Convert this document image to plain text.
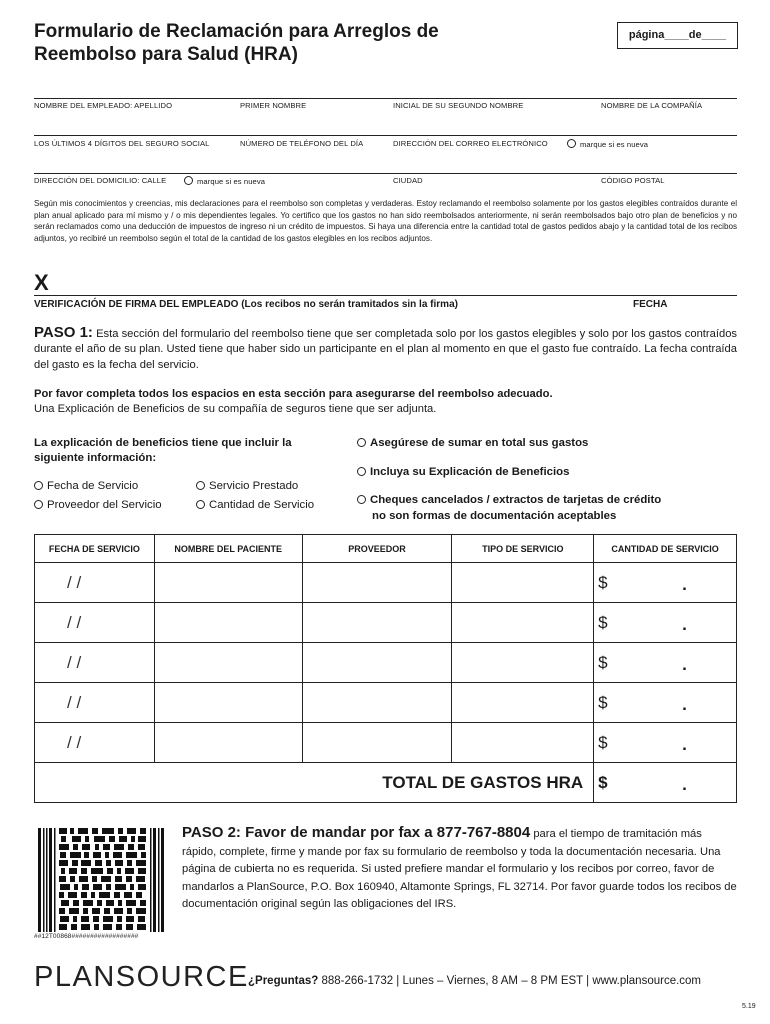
Formulario de Reclamación para Arreglos de
Reembolso para Salud (HRA)
página____de____
NOMBRE DEL EMPLEADO: APELLIDO	PRIMER NOMBRE	INICIAL DE SU SEGUNDO NOMBRE	NOMBRE DE LA COMPAÑÍA
LOS ÚLTIMOS 4 DÍGITOS DEL SEGURO SOCIAL	NÚMERO DE TELÉFONO DEL DÍA	DIRECCIÓN DEL CORREO ELECTRÓNICO	marque si es nueva
DIRECCIÓN DEL DOMICILIO: CALLE	marque si es nueva	CIUDAD	CÓDIGO POSTAL
Según mis conocimientos y creencias, mis declaraciones para el reembolso son completas y verdaderas. Estoy reclamando el reembolso solamente por los gastos elegibles contraídos durante el plan anual aplicado para mí mismo y / o mis dependientes legales. Yo certifico que los gastos no han sido reembolsados anteriormente, ni serán reembolsados bajo otro plan de beneficios y no serán reclamados como una deducción de impuestos de ingreso ni un crédito de impuestos. Si haya una diferencia entre la cantidad total de gastos pedidos abajo y la cantidad total de los recibos adjuntos, yo recibiré un reembolso según el total de la cantidad de los gastos elegibles en los recibos adjuntos.
X
VERIFICACIÓN DE FIRMA DEL EMPLEADO (Los recibos no serán tramitados sin la firma)	FECHA
PASO 1: Esta sección del formulario del reembolso tiene que ser completada solo por los gastos elegibles y solo por los gastos contraídos durante el año de su plan. Usted tiene que haber sido un participante en el plan al momento en que el gasto fue contraído. La fecha contraída del gasto es la fecha del servicio.
Por favor completa todos los espacios en esta sección para asegurarse del reembolso adecuado.
Una Explicación de Beneficios de su compañía de seguros tiene que ser adjunta.
La explicación de beneficios tiene que incluir la siguiente información:
Fecha de Servicio	Servicio Prestado
Proveedor del Servicio	Cantidad de Servicio
Asegúrese de sumar en total sus gastos
Incluya su Explicación de Beneficios
Cheques cancelados / extractos de tarjetas de crédito
no son formas de documentación aceptables
FECHA DE SERVICIO	NOMBRE DEL PACIENTE	PROVEEDOR	TIPO DE SERVICIO	CANTIDAD DE SERVICIO
/ /				$ .

/ /				$ .

/ /				$ .

/ /				$ .

/ /				$ .

TOTAL DE GASTOS HRA				$ .
##12T00868##################
PASO 2: Favor de mandar por fax a 877-767-8804 para el tiempo de tramitación más rápido, complete, firme y mande por fax su formulario de reembolso y toda la documentación necesaria. Una página de cubierta no es requerida. Si usted prefiere mandar el formulario y los recibos por correo, favor de mandarlos a PlanSource, P.O. Box 160940, Altamonte Springs, FL 32714. Por favor guarde todos los recibos de documentación original según las obligaciones del IRS.
PLANSOURCE ¿Preguntas? 888-266-1732 | Lunes – Viernes, 8 AM – 8 PM EST | www.plansource.com
5.19
